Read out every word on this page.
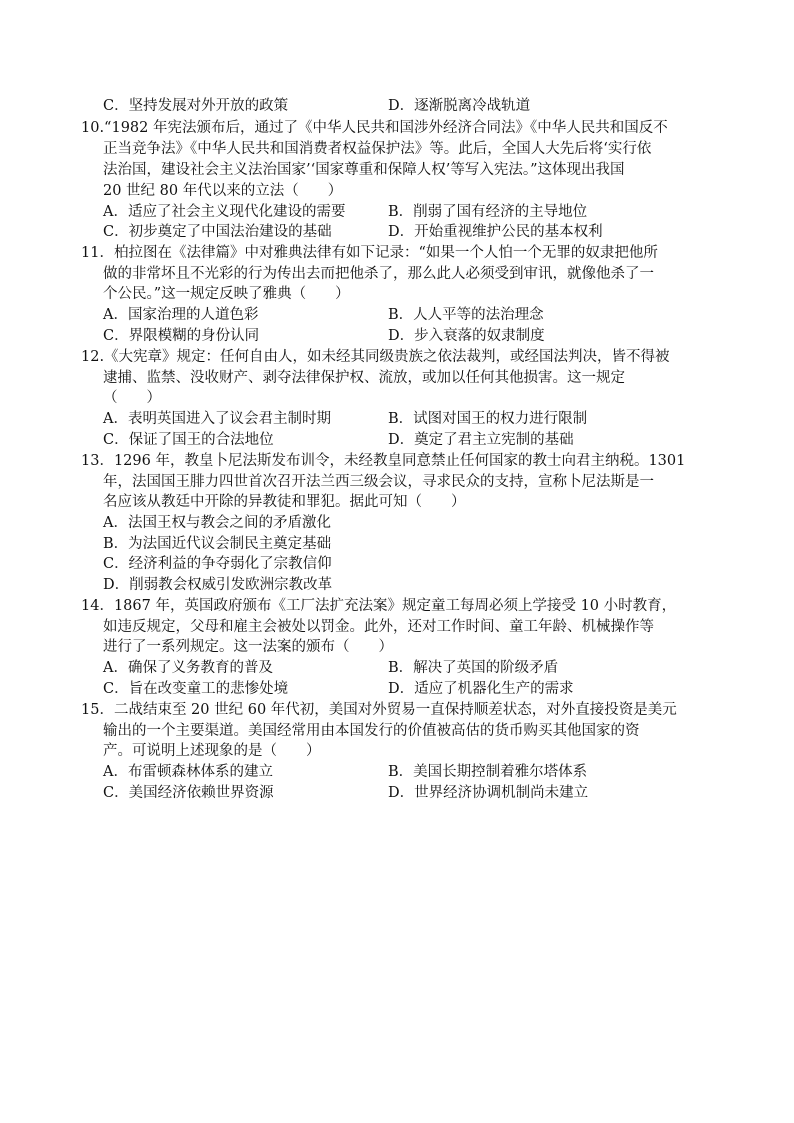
C．坚持发展对外开放的政策	D．逐渐脱离冷战轨道
10.“1982 年宪法颁布后，通过了《中华人民共和国涉外经济合同法》《中华人民共和国反不
正当竞争法》《中华人民共和国消费者权益保护法》等。此后，全国人大先后将‘实行依
法治国，建设社会主义法治国家’‘国家尊重和保障人权’等写入宪法。”这体现出我国
20 世纪 80 年代以来的立法（　　）
A．适应了社会主义现代化建设的需要	B．削弱了国有经济的主导地位
C．初步奠定了中国法治建设的基础	D．开始重视维护公民的基本权利
11．柏拉图在《法律篇》中对雅典法律有如下记录：“如果一个人怕一个无罪的奴隶把他所
做的非常坏且不光彩的行为传出去而把他杀了，那么此人必须受到审讯，就像他杀了一
个公民。”这一规定反映了雅典（　　）
A．国家治理的人道色彩	B．人人平等的法治理念
C．界限模糊的身份认同	D．步入衰落的奴隶制度
12.《大宪章》规定：任何自由人，如未经其同级贵族之依法裁判，或经国法判决，皆不得被
逮捕、监禁、没收财产、剥夺法律保护权、流放，或加以任何其他损害。这一规定
（　　）
A．表明英国进入了议会君主制时期	B．试图对国王的权力进行限制
C．保证了国王的合法地位	D．奠定了君主立宪制的基础
13．1296 年，教皇卜尼法斯发布训令，未经教皇同意禁止任何国家的教士向君主纳税。1301
年，法国国王腓力四世首次召开法兰西三级会议，寻求民众的支持，宣称卜尼法斯是一
名应该从教廷中开除的异教徒和罪犯。据此可知（　　）
A．法国王权与教会之间的矛盾激化
B．为法国近代议会制民主奠定基础
C．经济利益的争夺弱化了宗教信仰
D．削弱教会权威引发欧洲宗教改革
14．1867 年，英国政府颁布《工厂法扩充法案》规定童工每周必须上学接受 10 小时教育，
如违反规定，父母和雇主会被处以罚金。此外，还对工作时间、童工年龄、机械操作等
进行了一系列规定。这一法案的颁布（　　）
A．确保了义务教育的普及	B．解决了英国的阶级矛盾
C．旨在改变童工的悲惨处境	D．适应了机器化生产的需求
15．二战结束至 20 世纪 60 年代初，美国对外贸易一直保持顺差状态，对外直接投资是美元
输出的一个主要渠道。美国经常用由本国发行的价值被高估的货币购买其他国家的资
产。可说明上述现象的是（　　）
A．布雷顿森林体系的建立	B．美国长期控制着雅尔塔体系
C．美国经济依赖世界资源	D．世界经济协调机制尚未建立
